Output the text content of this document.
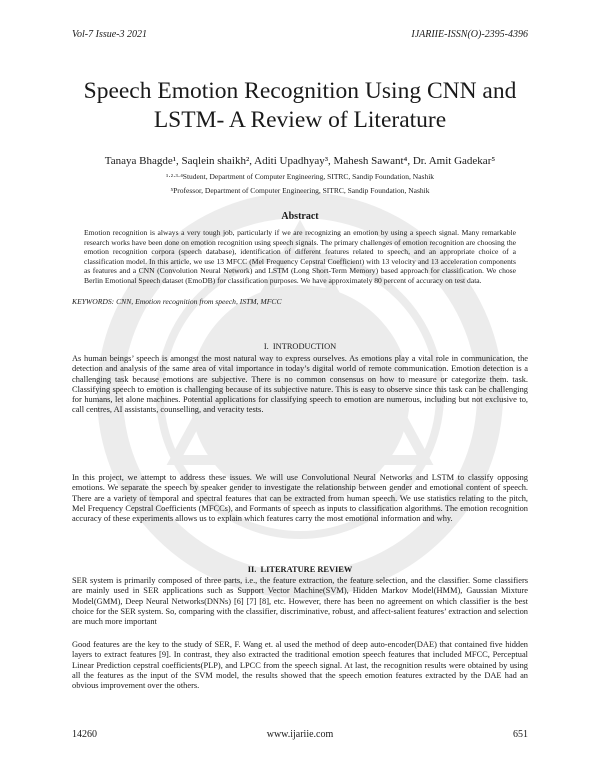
Vol-7 Issue-3 2021	IJARIIE-ISSN(O)-2395-4396
Speech Emotion Recognition Using CNN and LSTM- A Review of Literature
Tanaya Bhagde¹, Saqlein shaikh², Aditi Upadhyay³, Mahesh Sawant⁴, Dr. Amit Gadekar⁵
¹·²·³·⁴Student, Department of Computer Engineering, SITRC, Sandip Foundation, Nashik
⁵Professor, Department of Computer Engineering, SITRC, Sandip Foundation, Nashik
Abstract

Emotion recognition is always a very tough job, particularly if we are recognizing an emotion by using a speech signal. Many remarkable research works have been done on emotion recognition using speech signals. The primary challenges of emotion recognition are choosing the emotion recognition corpora (speech database), identification of different features related to speech, and an appropriate choice of a classification model. In this article, we use 13 MFCC (Mel Frequency Cepstral Coefficient) with 13 velocity and 13 acceleration components as features and a CNN (Convolution Neural Network) and LSTM (Long Short-Term Memory) based approach for classification. We chose Berlin Emotional Speech dataset (EmoDB) for classification purposes. We have approximately 80 percent of accuracy on test data.

KEYWORDS: CNN, Emotion recognition from speech, ISTM, MFCC
I. INTRODUCTION

As human beings’ speech is amongst the most natural way to express ourselves. As emotions play a vital role in communication, the detection and analysis of the same area of vital importance in today’s digital world of remote communication. Emotion detection is a challenging task because emotions are subjective. There is no common consensus on how to measure or categorize them. task. Classifying speech to emotion is challenging because of its subjective nature. This is easy to observe since this task can be challenging for humans, let alone machines. Potential applications for classifying speech to emotion are numerous, including but not exclusive to, call centres, AI assistants, counselling, and veracity tests.

In this project, we attempt to address these issues. We will use Convolutional Neural Networks and LSTM to classify opposing emotions. We separate the speech by speaker gender to investigate the relationship between gender and emotional content of speech. There are a variety of temporal and spectral features that can be extracted from human speech. We use statistics relating to the pitch, Mel Frequency Cepstral Coefficients (MFCCs), and Formants of speech as inputs to classification algorithms. The emotion recognition accuracy of these experiments allows us to explain which features carry the most emotional information and why.

II. LITERATURE REVIEW

SER system is primarily composed of three parts, i.e., the feature extraction, the feature selection, and the classifier. Some classifiers are mainly used in SER applications such as Support Vector Machine(SVM), Hidden Markov Model(HMM), Gaussian Mixture Model(GMM), Deep Neural Networks(DNNs) [6] [7] [8], etc. However, there has been no agreement on which classifier is the best choice for the SER system. So, comparing with the classifier, discriminative, robust, and affect-salient features’ extraction and selection are much more important

Good features are the key to the study of SER, F. Wang et. al used the method of deep auto-encoder(DAE) that contained five hidden layers to extract features [9]. In contrast, they also extracted the traditional emotion speech features that included MFCC, Perceptual Linear Prediction cepstral coefficients(PLP), and LPCC from the speech signal. At last, the recognition results were obtained by using all the features as the input of the SVM model, the results showed that the speech emotion features extracted by the DAE had an obvious improvement over the others.

14260	www.ijariie.com	651
